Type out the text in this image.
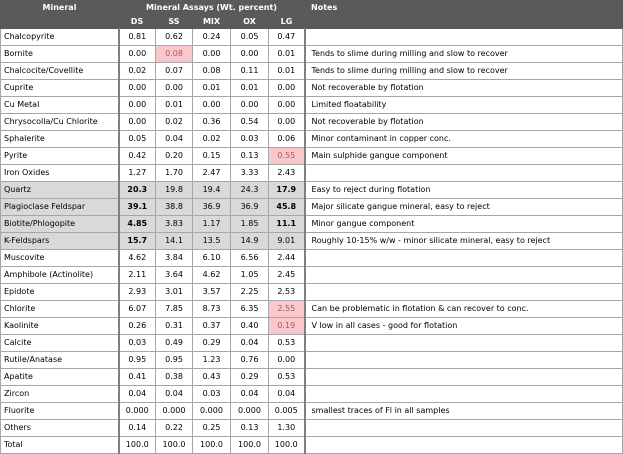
Mineral	Mineral Assays (Wt. percent)					Notes
	DS	SS	MIX	OX	LG	
Chalcopyrite	0.81	0.62	0.24	0.05	0.47	
Bornite	0.00	0.08	0.00	0.00	0.01	Tends to slime during milling and slow to recover
Chalcocite/Covellite	0.02	0.07	0.08	0.11	0.01	Tends to slime during milling and slow to recover
Cuprite	0.00	0.00	0.01	0.01	0.00	Not recoverable by flotation
Cu Metal	0.00	0.01	0.00	0.00	0.00	Limited floatability
Chrysocolla/Cu Chlorite	0.00	0.02	0.36	0.54	0.00	Not recoverable by flotation
Sphalerite	0.05	0.04	0.02	0.03	0.06	Minor contaminant in copper conc.
Pyrite	0.42	0.20	0.15	0.13	0.55	Main sulphide gangue component
Iron Oxides	1.27	1.70	2.47	3.33	2.43	
Quartz	20.3	19.8	19.4	24.3	17.9	Easy to reject during flotation
Plagioclase Feldspar	39.1	38.8	36.9	36.9	45.8	Major silicate gangue mineral, easy to reject
Biotite/Phlogopite	4.85	3.83	1.17	1.85	11.1	Minor gangue component
K-Feldspars	15.7	14.1	13.5	14.9	9.01	Roughly 10-15% w/w - minor silicate mineral, easy to reject
Muscovite	4.62	3.84	6.10	6.56	2.44	
Amphibole (Actinolite)	2.11	3.64	4.62	1.05	2.45	
Epidote	2.93	3.01	3.57	2.25	2.53	
Chlorite	6.07	7.85	8.73	6.35	2.55	Can be problematic in flotation & can recover to conc.
Kaolinite	0.26	0.31	0.37	0.40	0.19	V low in all cases - good for flotation
Calcite	0.03	0.49	0.29	0.04	0.53	
Rutile/Anatase	0.95	0.95	1.23	0.76	0.00	
Apatite	0.41	0.38	0.43	0.29	0.53	
Zircon	0.04	0.04	0.03	0.04	0.04	
Fluorite	0.000	0.000	0.000	0.000	0.005	smallest traces of Fl in all samples
Others	0.14	0.22	0.25	0.13	1.30	
Total	100.0	100.0	100.0	100.0	100.0	
